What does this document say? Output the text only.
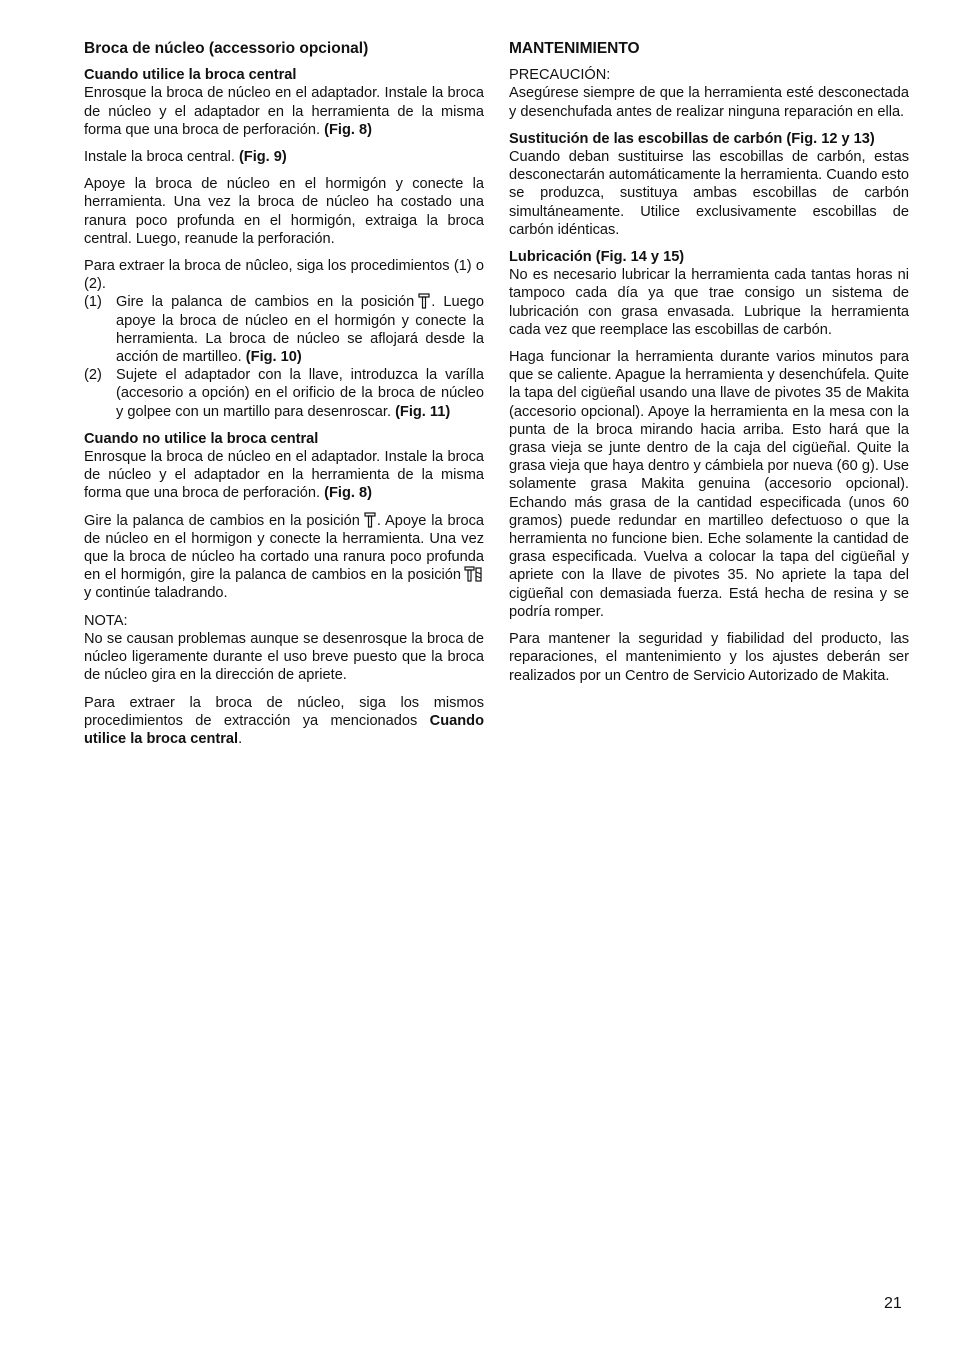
Broca de núcleo (accessorio opcional)
Cuando utilice la broca central

Enrosque la broca de núcleo en el adaptador. Instale la broca de núcleo y el adaptador en la herramienta de la misma forma que una broca de perforación. (Fig. 8)

Instale la broca central. (Fig. 9)

Apoye la broca de núcleo en el hormigón y conecte la herramienta. Una vez la broca de núcleo ha costado una ranura poco profunda en el hormigón, extraiga la broca central. Luego, reanude la perforación.

Para extraer la broca de nûcleo, siga los procedimientos (1) o (2).

(1) Gire la palanca de cambios en la posición . Luego apoye la broca de núcleo en el hormigón y conecte la herramienta. La broca de núcleo se aflojará desde la acción de martilleo. (Fig. 10)
(2) Sujete el adaptador con la llave, introduzca la varílla (accesorio a opción) en el orificio de la broca de núcleo y golpee con un martillo para desenroscar. (Fig. 11)
Cuando no utilice la broca central

Enrosque la broca de núcleo en el adaptador. Instale la broca de núcleo y el adaptador en la herramienta de la misma forma que una broca de perforación. (Fig. 8)

Gire la palanca de cambios en la posición . Apoye la broca de núcleo en el hormigon y conecte la herramienta. Una vez que la broca de núcleo ha cortado una ranura poco profunda en el hormigón, gire la palanca de cambios en la posición y continúe taladrando.

NOTA:

No se causan problemas aunque se desenrosque la broca de núcleo ligeramente durante el uso breve puesto que la broca de núcleo gira en la dirección de apriete.

Para extraer la broca de núcleo, siga los mismos procedimientos de extracción ya mencionados Cuando utilice la broca central.

MANTENIMIENTO

PRECAUCIÓN:

Asegúrese siempre de que la herramienta esté desconectada y desenchufada antes de realizar ninguna reparación en ella.

Sustitución de las escobillas de carbón (Fig. 12 y 13)

Cuando deban sustituirse las escobillas de carbón, estas desconectarán automáticamente la herramienta. Cuando esto se produzca, sustituya ambas escobillas de carbón simultáneamente. Utilice exclusivamente escobillas de carbón idénticas.

Lubricación (Fig. 14 y 15)

No es necesario lubricar la herramienta cada tantas horas ni tampoco cada día ya que trae consigo un sistema de lubricación con grasa envasada. Lubrique la herramienta cada vez que reemplace las escobillas de carbón.

Haga funcionar la herramienta durante varios minutos para que se caliente. Apague la herramienta y desenchúfela. Quite la tapa del cigüeñal usando una llave de pivotes 35 de Makita (accesorio opcional). Apoye la herramienta en la mesa con la punta de la broca mirando hacia arriba. Esto hará que la grasa vieja se junte dentro de la caja del cigüeñal. Quite la grasa vieja que haya dentro y cámbiela por nueva (60 g). Use solamente grasa Makita genuina (accesorio opcional). Echando más grasa de la cantidad especificada (unos 60 gramos) puede redundar en martilleo defectuoso o que la herramienta no funcione bien. Eche solamente la cantidad de grasa especificada. Vuelva a colocar la tapa del cigüeñal y apriete con la llave de pivotes 35. No apriete la tapa del cigüeñal con demasiada fuerza. Está hecha de resina y se podría romper.

Para mantener la seguridad y fiabilidad del producto, las reparaciones, el mantenimiento y los ajustes deberán ser realizados por un Centro de Servicio Autorizado de Makita.

21
